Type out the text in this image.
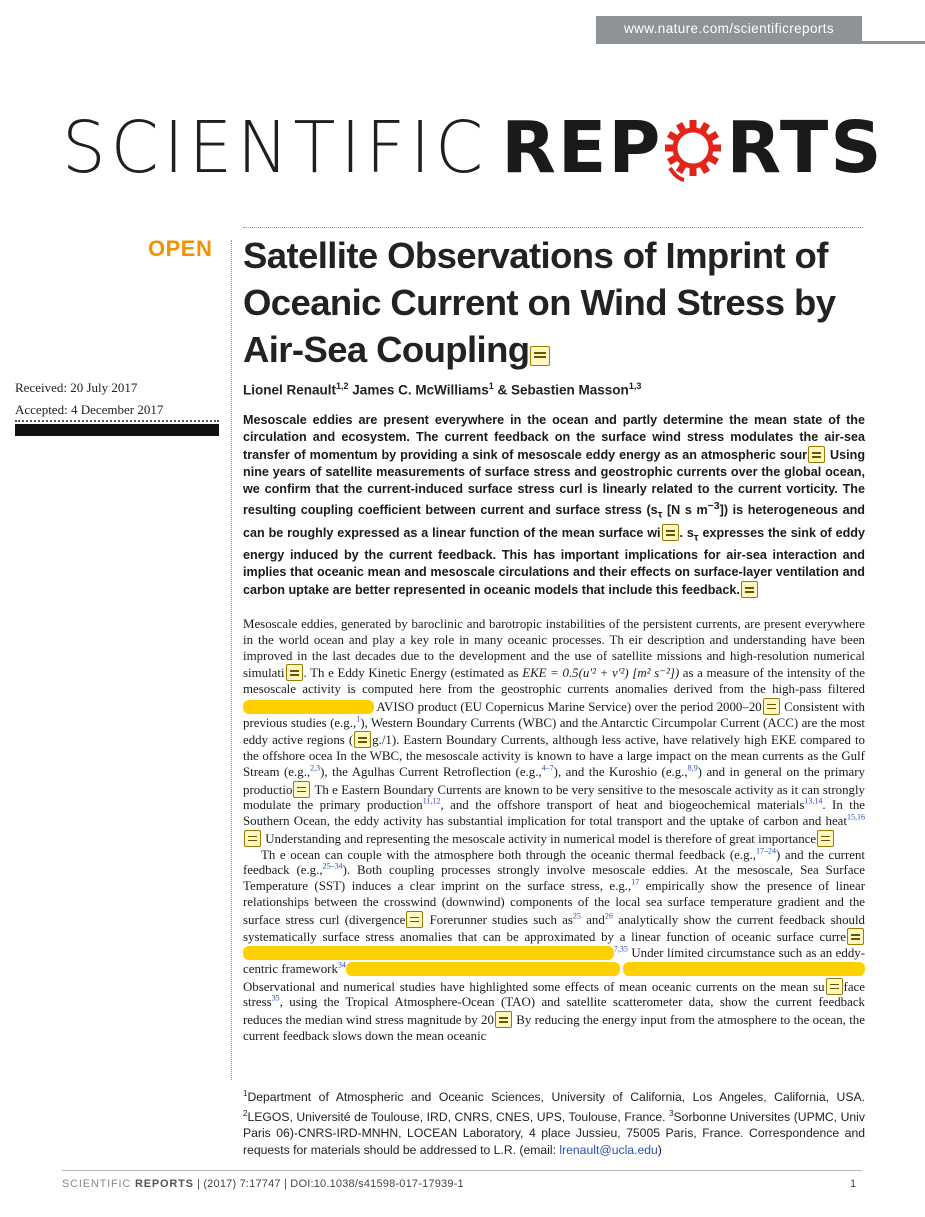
www.nature.com/scientificreports
SCIENTIFICREP RTS
OPEN Satellite Observations of Imprint of Oceanic Current on Wind Stress by Air-Sea Coupling
Received: 20 July 2017
Accepted: 4 December 2017
Lionel Renault$^{1,2}$ James C. McWilliams$^1$ & Sebastien Masson$^{1,3}$
Mesoscale eddies are present everywhere in the ocean and partly determine the mean state of the circulation and ecosystem. The current feedback on the surface wind stress modulates the air-sea transfer of momentum by providing a sink of mesoscale eddy energy as an atmospheric sour Using nine years of satellite measurements of surface stress and geostrophic currents over the global ocean, we confirm that the current-induced surface stress curl is linearly related to the current vorticity. The resulting coupling coefficient between current and surface stress ($s_\tau$ [N s $m^{-3}$]) is heterogeneous and can be roughly expressed as a linear function of the mean surface wi . $s_\tau$ expresses the sink of eddy energy induced by the current feedback. This has important implications for air-sea interaction and implies that oceanic mean and mesoscale circulations and their effects on surface-layer ventilation and carbon uptake are better represented in oceanic models that include this feedback.

Mesoscale eddies, generated by baroclinic and barotropic instabilities of the persistent currents, are present everywhere in the world ocean and play a key role in many oceanic processes. Th eir description and understanding have been improved in the last decades due to the development and the use of satellite missions and high-resolution numerical simulati . Th e Eddy Kinetic Energy (estimated as EKE = 0.5(u′² + v′²) [m² s⁻²]) as a measure of the intensity of the mesoscale activity is computed here from the geostrophic currents anomalies derived from the high-pass filtered                                      AVISO product (EU Copernicus Marine Service) over the period 2000–20 Consistent with previous studies (e.g.,$^1$), Western Boundary Currents (WBC) and the Antarctic Circumpolar Current (ACC) are the most eddy active regions ( g./1). Eastern Boundary Currents, although less active, have relatively high EKE compared to the offshore ocea In the WBC, the mesoscale activity is known to have a large impact on the mean currents as the Gulf Stream (e.g.,$^{2,3}$), the Agulhas Current Retroflection (e.g.,$^{4-7}$), and the Kuroshio (e.g.,$^{8,9}$) and in general on the primary productio Th e Eastern Boundary Currents are known to be very sensitive to the mesoscale activity as it can strongly modulate the primary production$^{11,12}$, and the offshore transport of heat and biogeochemical materials$^{13,14}$. In the Southern Ocean, the eddy activity has substantial implication for total transport and the uptake of carbon and heat$^{15,16}$ Understanding and representing the mesoscale activity in numerical model is therefore of great importance

Th e ocean can couple with the atmosphere both through the oceanic thermal feedback (e.g.,$^{17-24}$) and the current feedback (e.g.,$^{25-34}$). Both coupling processes strongly involve mesoscale eddies. At the mesoscale, Sea Surface Temperature (SST) induces a clear imprint on the surface stress, e.g.,$^{17}$ empirically show the presence of linear relationships between the crosswind (downwind) components of the local sea surface temperature gradient and the surface stress curl (divergence Forerunner studies such as$^{25}$ and$^{26}$ analytically show the current feedback should systematically surface stress anomalies that can be approximated by a linear function of oceanic surface curre                                                                                                        $^{7,35}$ Under limited circumstance such as an eddy-centric framework$^{34}$                                                                                                                                                            Observational and numerical studies have highlighted some effects of mean oceanic currents on the mean su face stress$^{35}$, using the Tropical Atmosphere-Ocean (TAO) and satellite scatterometer data, show the current feedback reduces the median wind stress magnitude by 20 By reducing the energy input from the atmosphere to the ocean, the current feedback slows down the mean oceanic

$^1$Department of Atmospheric and Oceanic Sciences, University of California, Los Angeles, California, USA. $^2$LEGOS, Université de Toulouse, IRD, CNRS, CNES, UPS, Toulouse, France. $^3$Sorbonne Universites (UPMC, Univ Paris 06)-CNRS-IRD-MNHN, LOCEAN Laboratory, 4 place Jussieu, 75005 Paris, France. Correspondence and requests for materials should be addressed to L.R. (email: lrenault@ucla.edu)
SCIENTIFIC REPORTS | (2017) 7:17747 | DOI:10.1038/s41598-017-17939-1	1
